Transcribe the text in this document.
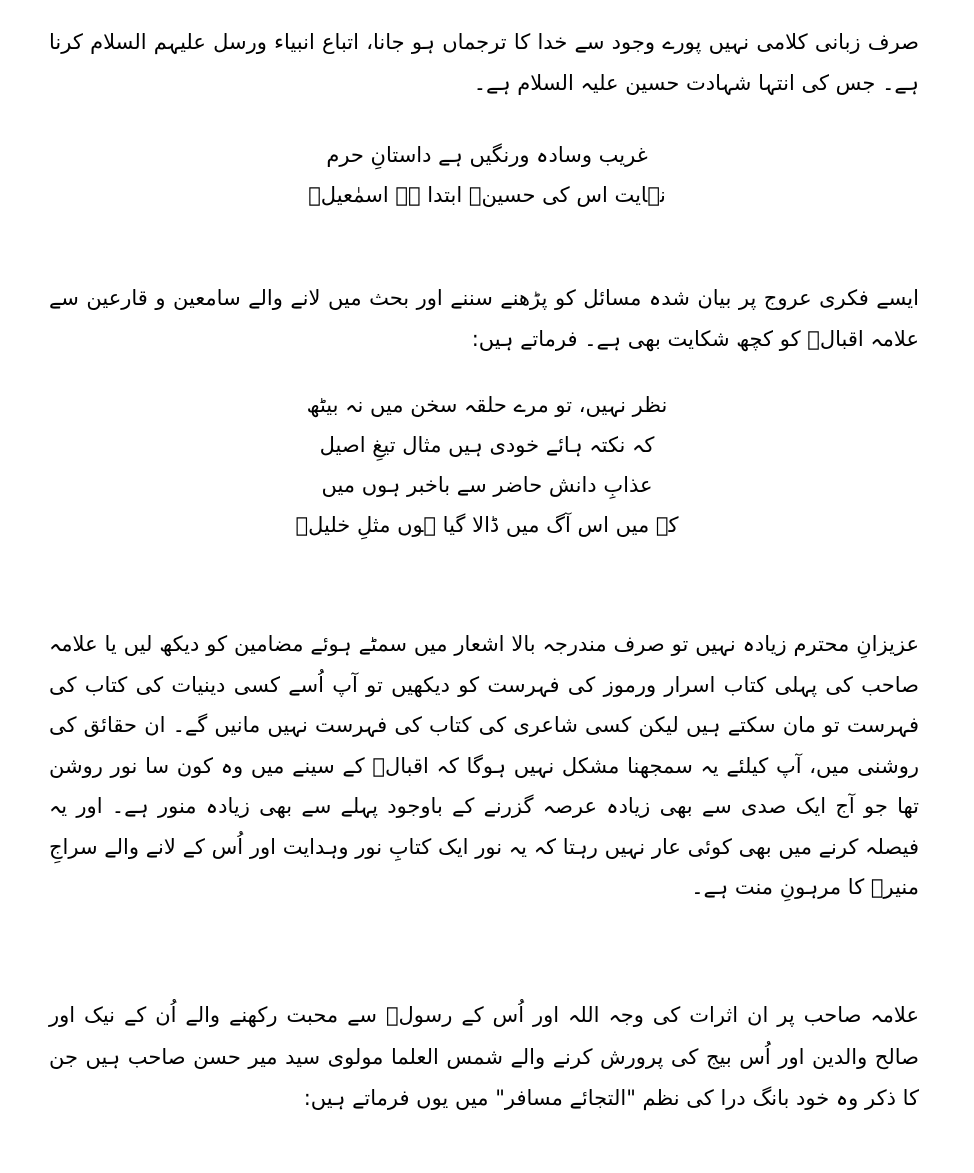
صرف زبانی کلامی نہیں پورے وجود سے خدا کا ترجماں ہو جانا، اتباع انبیاء ورسل علیہم السلام کرنا ہے۔ جس کی انتہا شہادت حسین علیہ السلام ہے۔

غریب وسادہ ورنگیں ہے داستانِ حرم
نہایت اس کی حسینؑ ابتدا ہے اسمٰعیلؑ

ایسے فکری عروج پر بیان شدہ مسائل کو پڑھنے سننے اور بحث میں لانے والے سامعین و قارعین سے علامہ اقبالؒ کو کچھ شکایت بھی ہے۔ فرماتے ہیں:

نظر نہیں، تو مرے حلقہ سخن میں نہ بیٹھ
کہ نکتہ ہائے خودی ہیں مثال تیغِ اصیل
عذابِ دانش حاضر سے باخبر ہوں میں
کہ میں اس آگ میں ڈالا گیا ہوں مثلِ خلیلؑ

عزیزانِ محترم زیادہ نہیں تو صرف مندرجہ بالا اشعار میں سمٹے ہوئے مضامین کو دیکھ لیں یا علامہ صاحب کی پہلی کتاب اسرار ورموز کی فہرست کو دیکھیں تو آپ اُسے کسی دینیات کی کتاب کی فہرست تو مان سکتے ہیں لیکن کسی شاعری کی کتاب کی فہرست نہیں مانیں گے۔ ان حقائق کی روشنی میں، آپ کیلئے یہ سمجھنا مشکل نہیں ہوگا کہ اقبالؒ کے سینے میں وہ کون سا نور روشن تھا جو آج ایک صدی سے بھی زیادہ عرصہ گزرنے کے باوجود پہلے سے بھی زیادہ منور ہے۔ اور یہ فیصلہ کرنے میں بھی کوئی عار نہیں رہتا کہ یہ نور ایک کتابِ نور وہدایت اور اُس کے لانے والے سراجِ منیرؐ کا مرہونِ منت ہے۔

علامہ صاحب پر ان اثرات کی وجہ اللہ اور اُس کے رسولؐ سے محبت رکھنے والے اُن کے نیک اور صالح والدین اور اُس بیج کی پرورش کرنے والے شمس العلما مولوی سید میر حسن صاحب ہیں جن کا ذکر وہ خود بانگ درا کی نظم "التجائے مسافر" میں یوں فرماتے ہیں:
